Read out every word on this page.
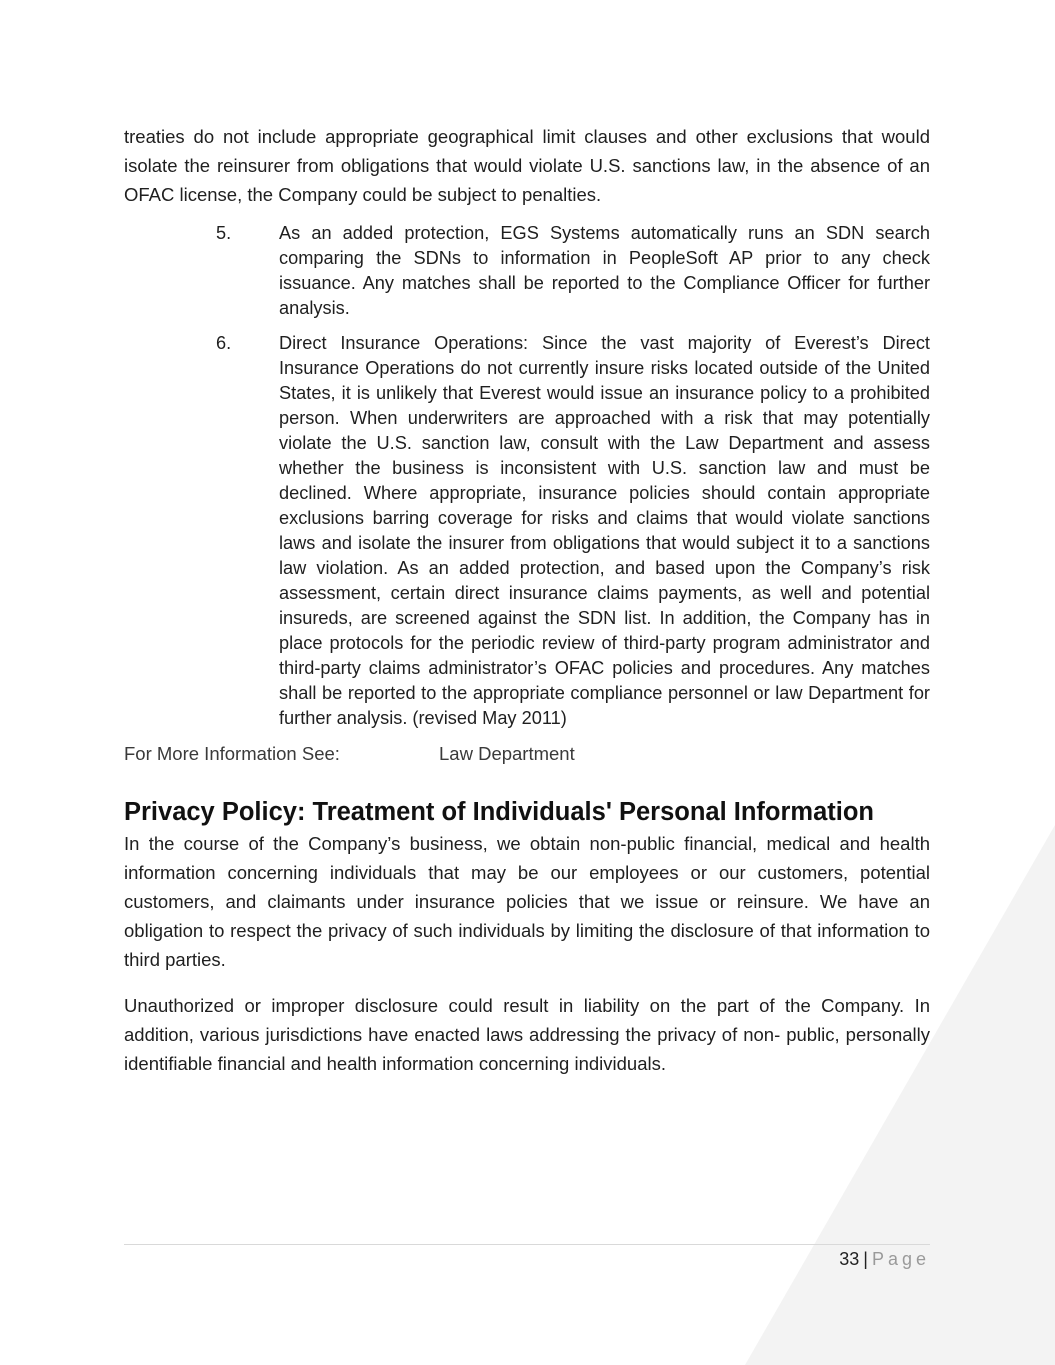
treaties do not include appropriate geographical limit clauses and other exclusions that would isolate the reinsurer from obligations that would violate U.S. sanctions law, in the absence of an OFAC license, the Company could be subject to penalties.

5.	As an added protection, EGS Systems automatically runs an SDN search comparing the SDNs to information in PeopleSoft AP prior to any check issuance. Any matches shall be reported to the Compliance Officer for further analysis.
6.	Direct Insurance Operations: Since the vast majority of Everest’s Direct Insurance Operations do not currently insure risks located outside of the United States, it is unlikely that Everest would issue an insurance policy to a prohibited person. When underwriters are approached with a risk that may potentially violate the U.S. sanction law, consult with the Law Department and assess whether the business is inconsistent with U.S. sanction law and must be declined. Where appropriate, insurance policies should contain appropriate exclusions barring coverage for risks and claims that would violate sanctions laws and isolate the insurer from obligations that would subject it to a sanctions law violation. As an added protection, and based upon the Company’s risk assessment, certain direct insurance claims payments, as well and potential insureds, are screened against the SDN list. In addition, the Company has in place protocols for the periodic review of third-party program administrator and third-party claims administrator’s OFAC policies and procedures. Any matches shall be reported to the appropriate compliance personnel or law Department for further analysis. (revised May 2011)
For More Information See:	Law Department
Privacy Policy: Treatment of Individuals' Personal Information

In the course of the Company’s business, we obtain non-public financial, medical and health information concerning individuals that may be our employees or our customers, potential customers, and claimants under insurance policies that we issue or reinsure. We have an obligation to respect the privacy of such individuals by limiting the disclosure of that information to third parties.

Unauthorized or improper disclosure could result in liability on the part of the Company. In addition, various jurisdictions have enacted laws addressing the privacy of non- public, personally identifiable financial and health information concerning individuals.

33 | Page
